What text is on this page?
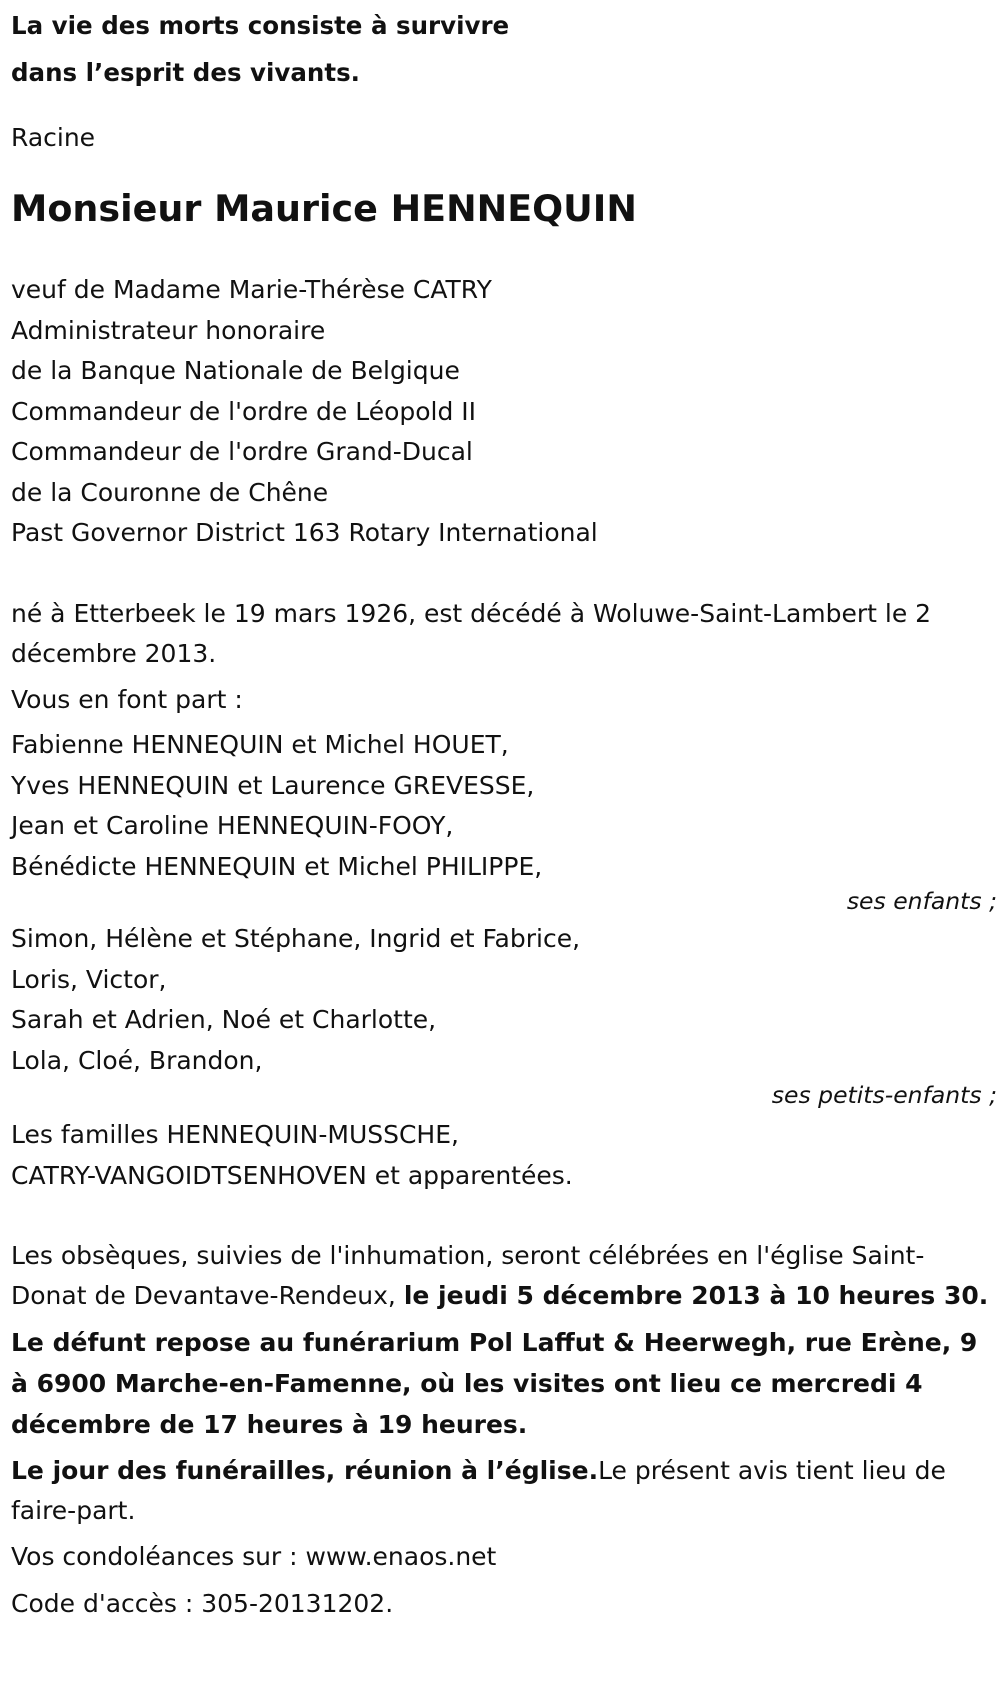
La vie des morts consiste à survivre
dans l’esprit des vivants.

Racine

Monsieur Maurice HENNEQUIN
veuf de Madame Marie-Thérèse CATRY
Administrateur honoraire
de la Banque Nationale de Belgique
Commandeur de l'ordre de Léopold II
Commandeur de l'ordre Grand-Ducal
de la Couronne de Chêne
Past Governor District 163 Rotary International

né à Etterbeek le 19 mars 1926, est décédé à Woluwe-Saint-Lambert le 2 décembre 2013.

Vous en font part :

Fabienne HENNEQUIN et Michel HOUET,
Yves HENNEQUIN et Laurence GREVESSE,
Jean et Caroline HENNEQUIN-FOOY,
Bénédicte HENNEQUIN et Michel PHILIPPE,

ses enfants ;

Simon, Hélène et Stéphane, Ingrid et Fabrice,
Loris, Victor,
Sarah et Adrien, Noé et Charlotte,
Lola, Cloé, Brandon,

ses petits-enfants ;

Les familles HENNEQUIN-MUSSCHE,
CATRY-VANGOIDTSENHOVEN et apparentées.

Les obsèques, suivies de l'inhumation, seront célébrées en l'église Saint-Donat de Devantave-Rendeux, le jeudi 5 décembre 2013 à 10 heures 30.

Le défunt repose au funérarium Pol Laffut & Heerwegh, rue Erène, 9 à 6900 Marche-en-Famenne, où les visites ont lieu ce mercredi 4 décembre de 17 heures à 19 heures.

Le jour des funérailles, réunion à l’église.Le présent avis tient lieu de faire-part.

Vos condoléances sur : www.enaos.net

Code d'accès : 305-20131202.
